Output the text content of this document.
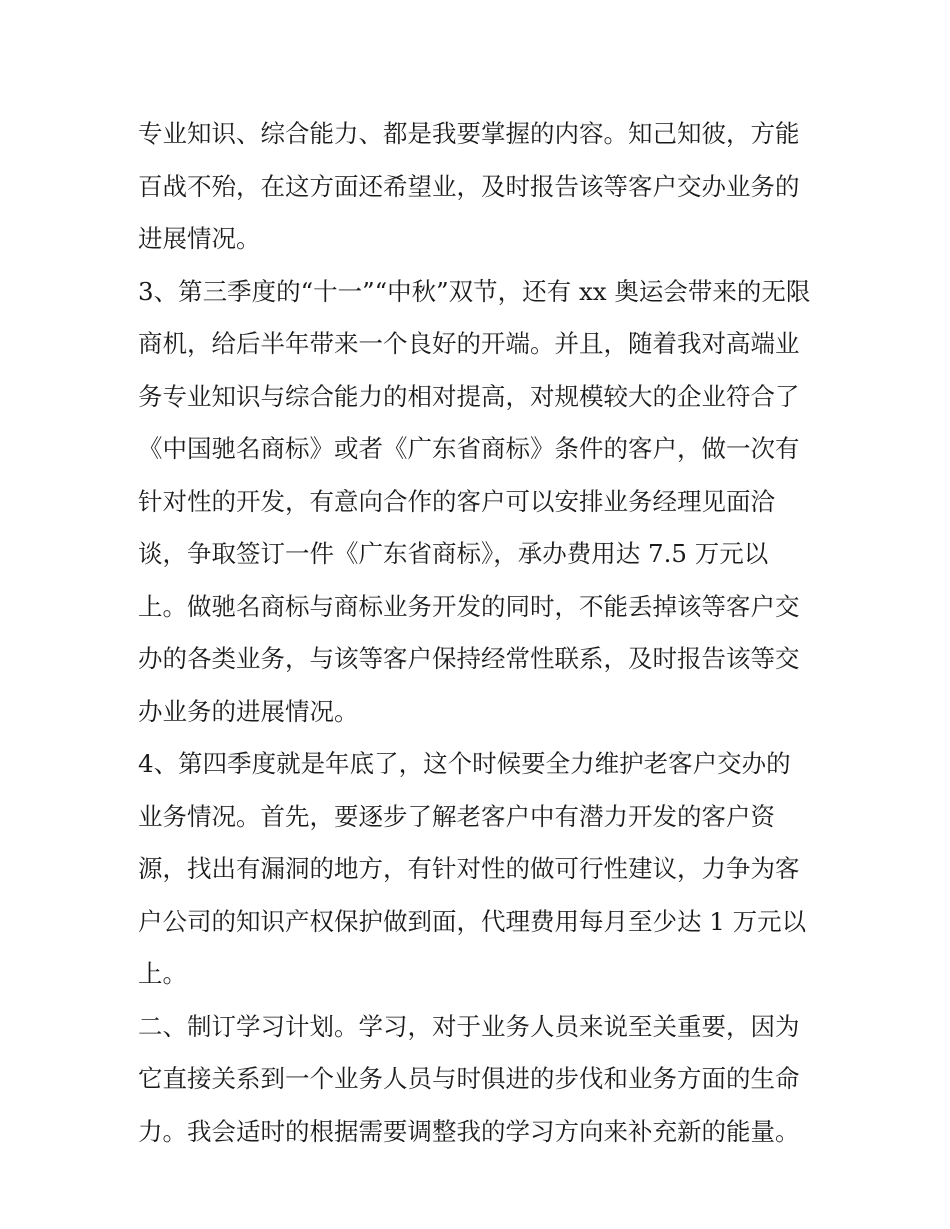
专业知识、综合能力、都是我要掌握的内容。知己知彼，方能
百战不殆，在这方面还希望业，及时报告该等客户交办业务的
进展情况。
3、第三季度的“十一”“中秋”双节，还有 xx 奥运会带来的无限
商机，给后半年带来一个良好的开端。并且，随着我对高端业
务专业知识与综合能力的相对提高，对规模较大的企业符合了
《中国驰名商标》或者《广东省商标》条件的客户，做一次有
针对性的开发，有意向合作的客户可以安排业务经理见面洽
谈，争取签订一件《广东省商标》，承办费用达 7.5 万元以
上。做驰名商标与商标业务开发的同时，不能丢掉该等客户交
办的各类业务，与该等客户保持经常性联系，及时报告该等交
办业务的进展情况。
4、第四季度就是年底了，这个时候要全力维护老客户交办的
业务情况。首先，要逐步了解老客户中有潜力开发的客户资
源，找出有漏洞的地方，有针对性的做可行性建议，力争为客
户公司的知识产权保护做到面，代理费用每月至少达 1 万元以
上。
二、制订学习计划。学习，对于业务人员来说至关重要，因为
它直接关系到一个业务人员与时俱进的步伐和业务方面的生命
力。我会适时的根据需要调整我的学习方向来补充新的能量。
